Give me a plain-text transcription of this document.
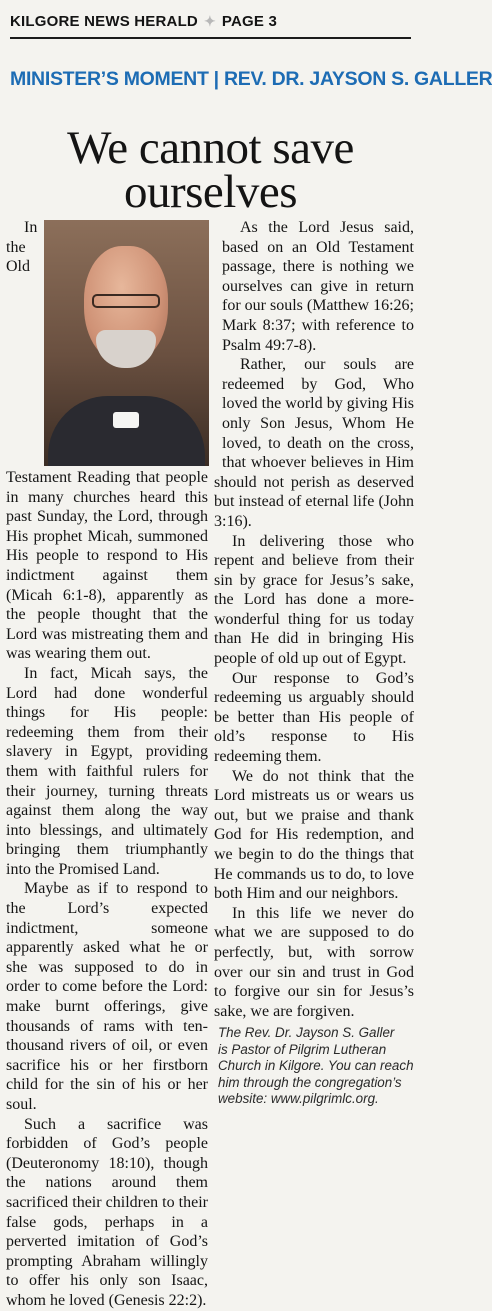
KILGORE NEWS HERALD ✦ PAGE 3
MINISTER’S MOMENT | REV. DR. JAYSON S. GALLER
We cannot save
ourselves

In the Old Testament Reading that people in many churches heard this past Sunday, the Lord, through His prophet Micah, summoned His people to respond to His indictment against them (Micah 6:1-8), apparently as the people thought that the Lord was mistreating them and was wearing them out.

In fact, Micah says, the Lord had done wonderful things for His people: redeeming them from their slavery in Egypt, providing them with faithful rulers for their journey, turning threats against them along the way into blessings, and ultimately bringing them triumphantly into the Promised Land.

Maybe as if to respond to the Lord’s expected indictment, someone apparently asked what he or she was supposed to do in order to come before the Lord: make burnt offerings, give thousands of rams with ten-thousand rivers of oil, or even sacrifice his or her firstborn child for the sin of his or her soul.

Such a sacrifice was forbidden of God’s people (Deuteronomy 18:10), though the nations around them sacrificed their children to their false gods, perhaps in a perverted imitation of God’s prompting Abraham willingly to offer his only son Isaac, whom he loved (Genesis 22:2).

As the Lord Jesus said, based on an Old Testament passage, there is nothing we ourselves can give in return for our souls (Matthew 16:26; Mark 8:37; with reference to Psalm 49:7-8).

Rather, our souls are redeemed by God, Who loved the world by giving His only Son Jesus, Whom He loved, to death on the cross, that whoever believes in Him should not perish as deserved but instead of eternal life (John 3:16).

In delivering those who repent and believe from their sin by grace for Jesus’s sake, the Lord has done a more-wonderful thing for us today than He did in bringing His people of old up out of Egypt.

Our response to God’s redeeming us arguably should be better than His people of old’s response to His redeeming them.

We do not think that the Lord mistreats us or wears us out, but we praise and thank God for His redemption, and we begin to do the things that He commands us to do, to love both Him and our neighbors.

In this life we never do what we are supposed to do perfectly, but, with sorrow over our sin and trust in God to forgive our sin for Jesus’s sake, we are forgiven.

The Rev. Dr. Jayson S. Galler
is Pastor of Pilgrim Lutheran
Church in Kilgore. You can reach
him through the congregation’s
website: www.pilgrimlc.org.
